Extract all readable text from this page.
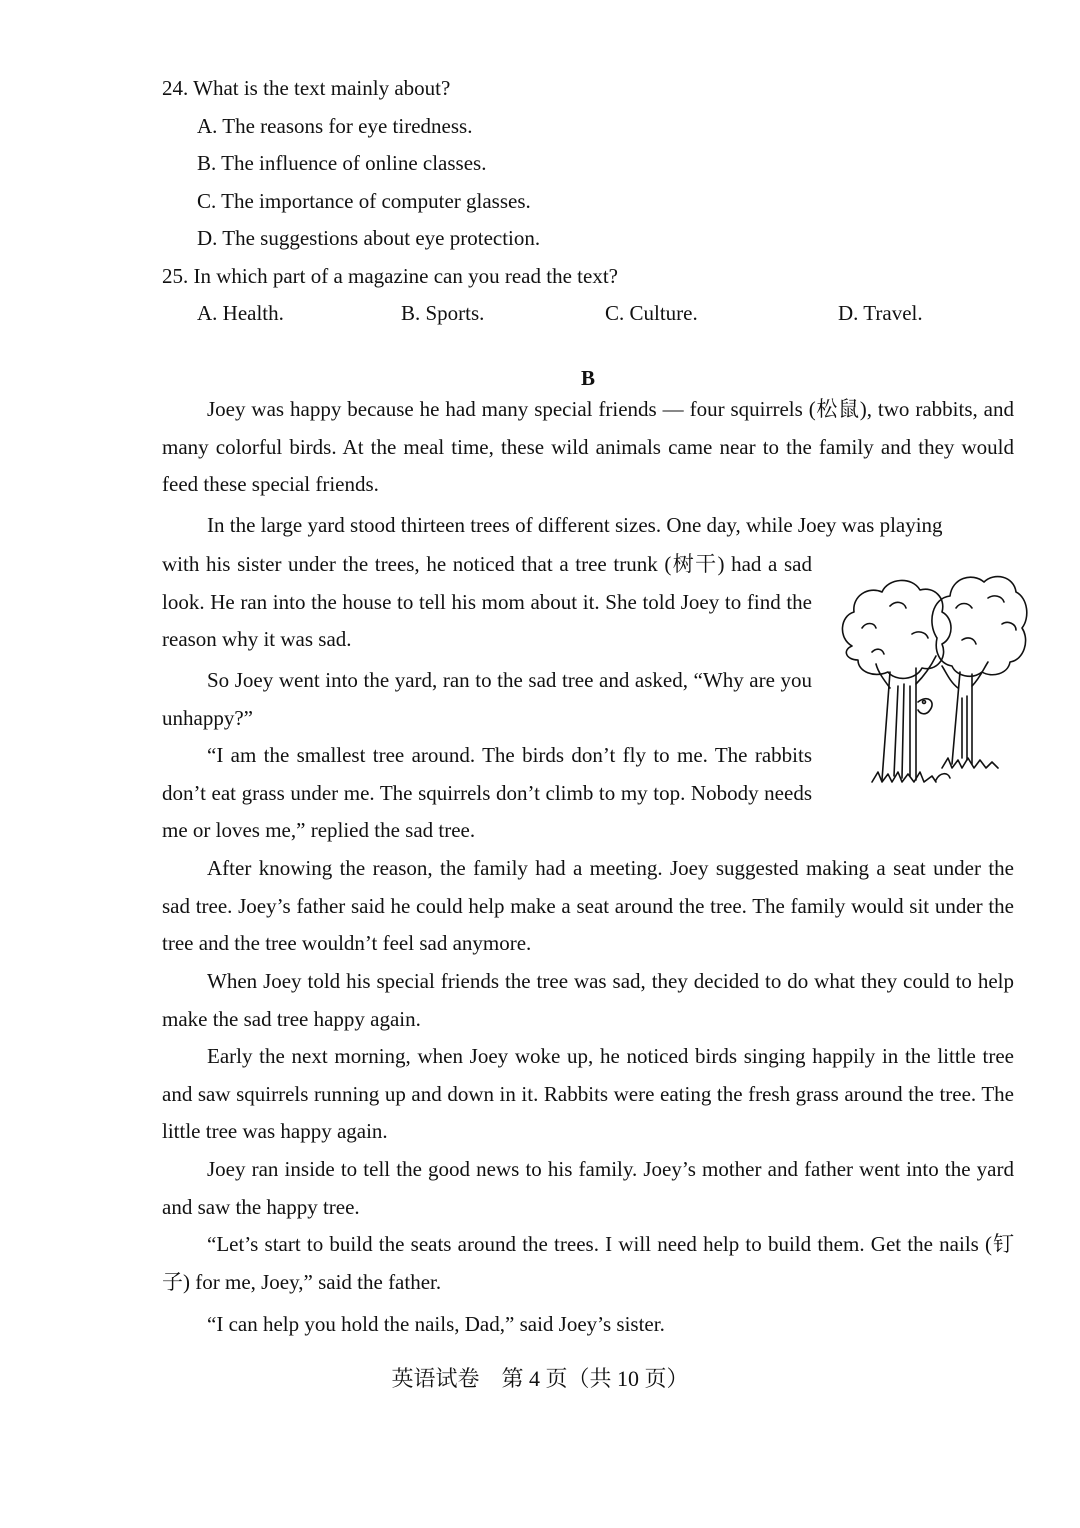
24. What is the text mainly about?
A. The reasons for eye tiredness.
B. The influence of online classes.
C. The importance of computer glasses.
D. The suggestions about eye protection.
25. In which part of a magazine can you read the text?
A. Health.	B. Sports.	C. Culture.	D. Travel.
B

Joey was happy because he had many special friends — four squirrels (松鼠), two rabbits, and many colorful birds. At the meal time, these wild animals came near to the family and they would feed these special friends.

In the large yard stood thirteen trees of different sizes. One day, while Joey was playing

with his sister under the trees, he noticed that a tree trunk (树干) had a sad look. He ran into the house to tell his mom about it. She told Joey to find the reason why it was sad.

So Joey went into the yard, ran to the sad tree and asked, “Why are you unhappy?”

“I am the smallest tree around. The birds don’t fly to me. The rabbits don’t eat grass under me. The squirrels don’t climb to my top. Nobody needs me or loves me,” replied the sad tree.

After knowing the reason, the family had a meeting. Joey suggested making a seat under the sad tree. Joey’s father said he could help make a seat around the tree. The family would sit under the tree and the tree wouldn’t feel sad anymore.

When Joey told his special friends the tree was sad, they decided to do what they could to help make the sad tree happy again.

Early the next morning, when Joey woke up, he noticed birds singing happily in the little tree and saw squirrels running up and down in it. Rabbits were eating the fresh grass around the tree. The little tree was happy again.

Joey ran inside to tell the good news to his family. Joey’s mother and father went into the yard and saw the happy tree.

“Let’s start to build the seats around the trees. I will need help to build them. Get the nails (钉子) for me, Joey,” said the father.

“I can help you hold the nails, Dad,” said Joey’s sister.

英语试卷　第 4 页（共 10 页）
